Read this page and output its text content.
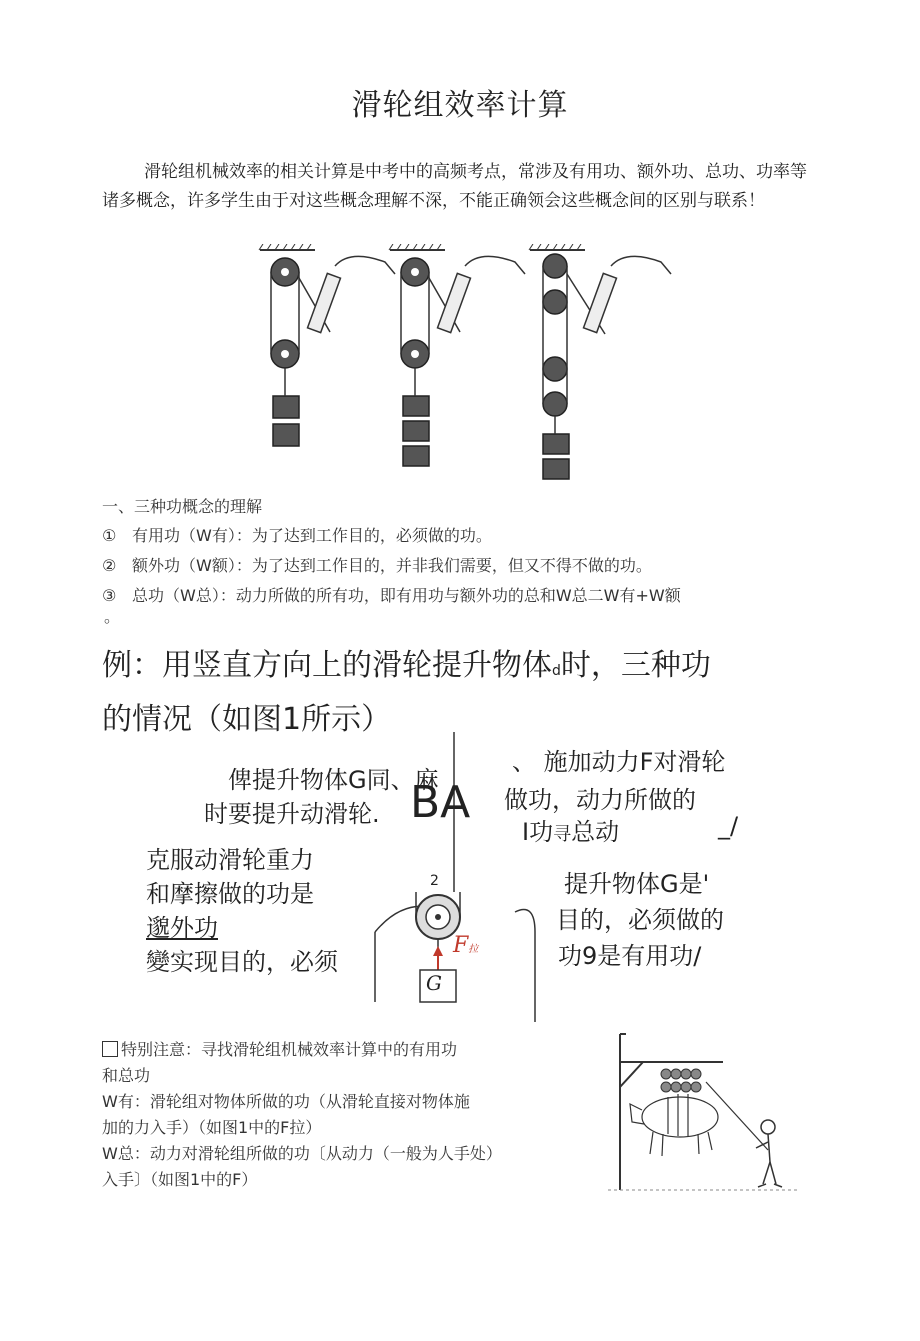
滑轮组效率计算
滑轮组机械效率的相关计算是中考中的高频考点，常涉及有用功、额外功、总功、功率等诸多概念，许多学生由于对这些概念理解不深，不能正确领会这些概念间的区别与联系！
一、三种功概念的理解
① 有用功（W有）：为了达到工作目的，必须做的功。
② 额外功（W额）：为了达到工作目的，并非我们需要，但又不得不做的功。
③ 总功（W总）：动力所做的所有功，即有用功与额外功的总和W总二W有+W额
。
例：用竖直方向上的滑轮提升物体d时，三种功
的情况（如图1所示）
F拉
G
2
俾提升物体G同、麻
时要提升动滑轮. BA
、 施加动力F对滑轮
做功，动力所做的
I功寻总动	_/
克服动滑轮重力
和摩擦做的功是
邈外功
變实现目的，必须
提升物体G是'
目的，必须做的
功9是有用功/
特别注意：寻找滑轮组机械效率计算中的有用功
和总功
W有：滑轮组对物体所做的功（从滑轮直接对物体施
加的力入手）（如图1中的F拉）
W总：动力对滑轮组所做的功〔从动力（一般为人手处）
入手〕（如图1中的F）
